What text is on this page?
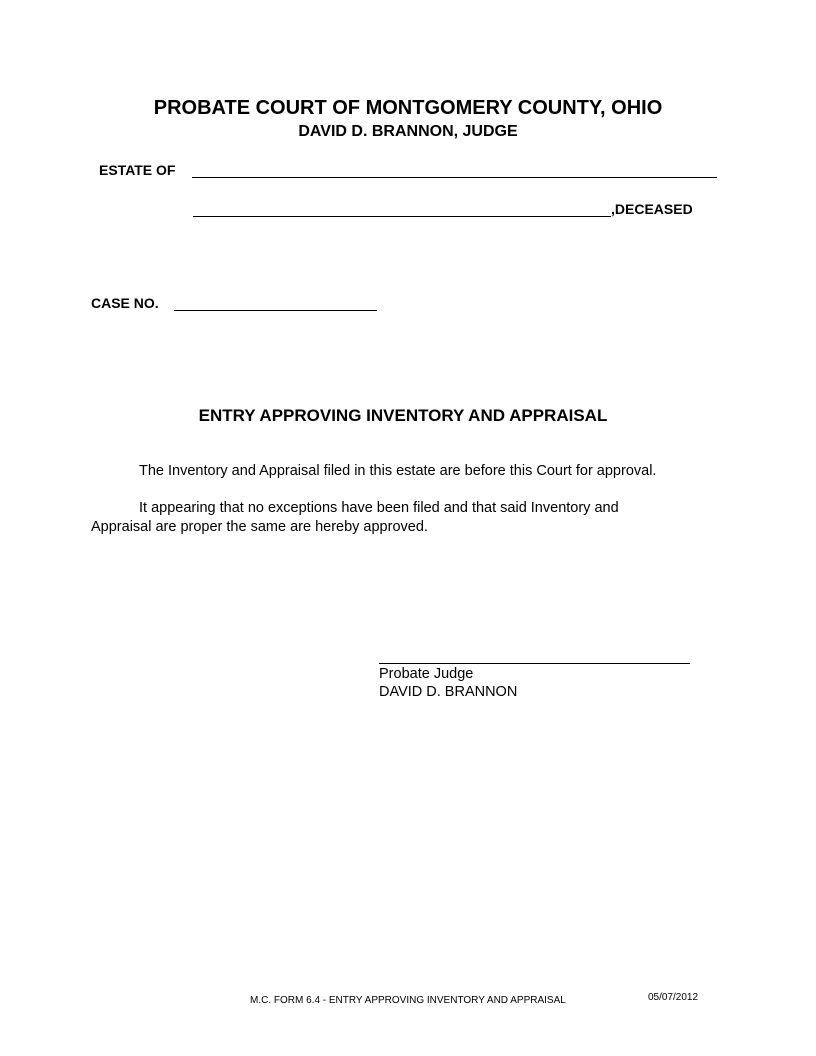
PROBATE COURT OF MONTGOMERY COUNTY, OHIO
DAVID D. BRANNON, JUDGE
ESTATE OF
,DECEASED
CASE NO.
ENTRY APPROVING INVENTORY AND APPRAISAL
The Inventory and Appraisal filed in this estate are before this Court for approval.
It appearing that no exceptions have been filed and that said Inventory and
Appraisal are proper the same are hereby approved.
Probate Judge
DAVID D. BRANNON
M.C. FORM 6.4 - ENTRY APPROVING INVENTORY AND APPRAISAL	05/07/2012
